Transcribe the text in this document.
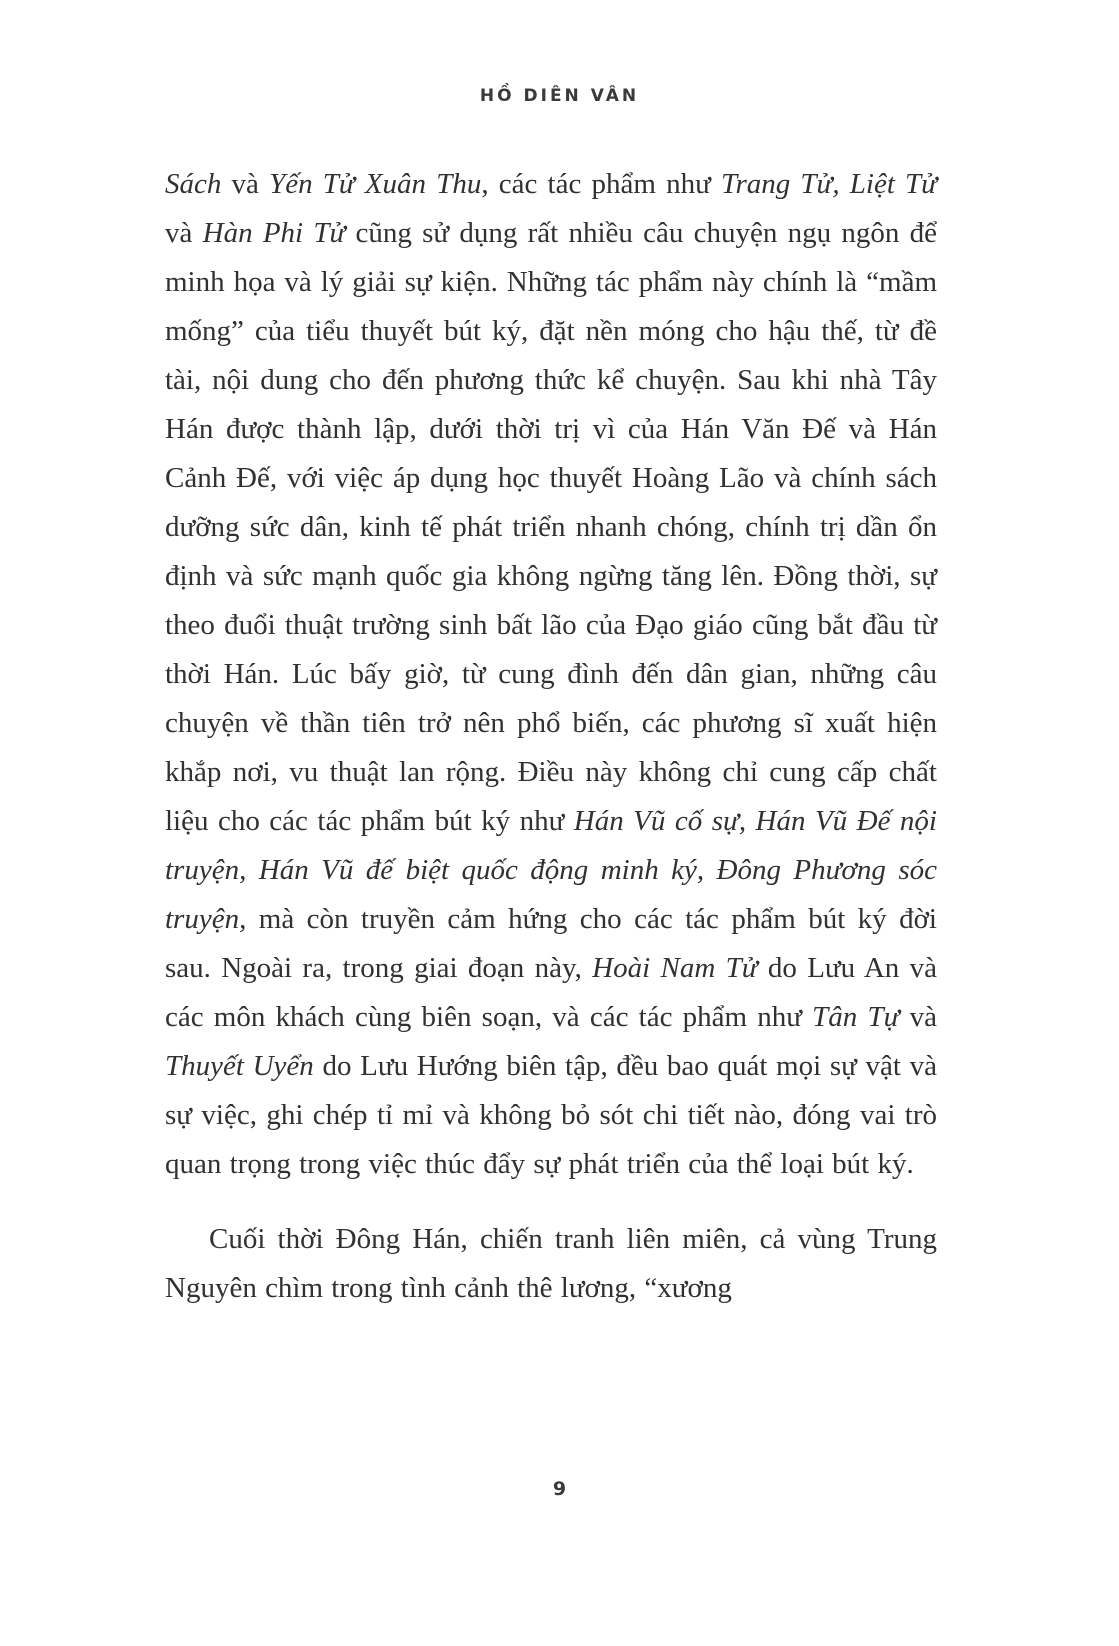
HỒ DIÊN VÂN

Sách và Yến Tử Xuân Thu, các tác phẩm như Trang Tử, Liệt Tử và Hàn Phi Tử cũng sử dụng rất nhiều câu chuyện ngụ ngôn để minh họa và lý giải sự kiện. Những tác phẩm này chính là “mầm mống” của tiểu thuyết bút ký, đặt nền móng cho hậu thế, từ đề tài, nội dung cho đến phương thức kể chuyện. Sau khi nhà Tây Hán được thành lập, dưới thời trị vì của Hán Văn Đế và Hán Cảnh Đế, với việc áp dụng học thuyết Hoàng Lão và chính sách dưỡng sức dân, kinh tế phát triển nhanh chóng, chính trị dần ổn định và sức mạnh quốc gia không ngừng tăng lên. Đồng thời, sự theo đuổi thuật trường sinh bất lão của Đạo giáo cũng bắt đầu từ thời Hán. Lúc bấy giờ, từ cung đình đến dân gian, những câu chuyện về thần tiên trở nên phổ biến, các phương sĩ xuất hiện khắp nơi, vu thuật lan rộng. Điều này không chỉ cung cấp chất liệu cho các tác phẩm bút ký như Hán Vũ cố sự, Hán Vũ Đế nội truyện, Hán Vũ đế biệt quốc động minh ký, Đông Phương sóc truyện, mà còn truyền cảm hứng cho các tác phẩm bút ký đời sau. Ngoài ra, trong giai đoạn này, Hoài Nam Tử do Lưu An và các môn khách cùng biên soạn, và các tác phẩm như Tân Tự và Thuyết Uyển do Lưu Hướng biên tập, đều bao quát mọi sự vật và sự việc, ghi chép tỉ mỉ và không bỏ sót chi tiết nào, đóng vai trò quan trọng trong việc thúc đẩy sự phát triển của thể loại bút ký.

Cuối thời Đông Hán, chiến tranh liên miên, cả vùng Trung Nguyên chìm trong tình cảnh thê lương, “xương

9
